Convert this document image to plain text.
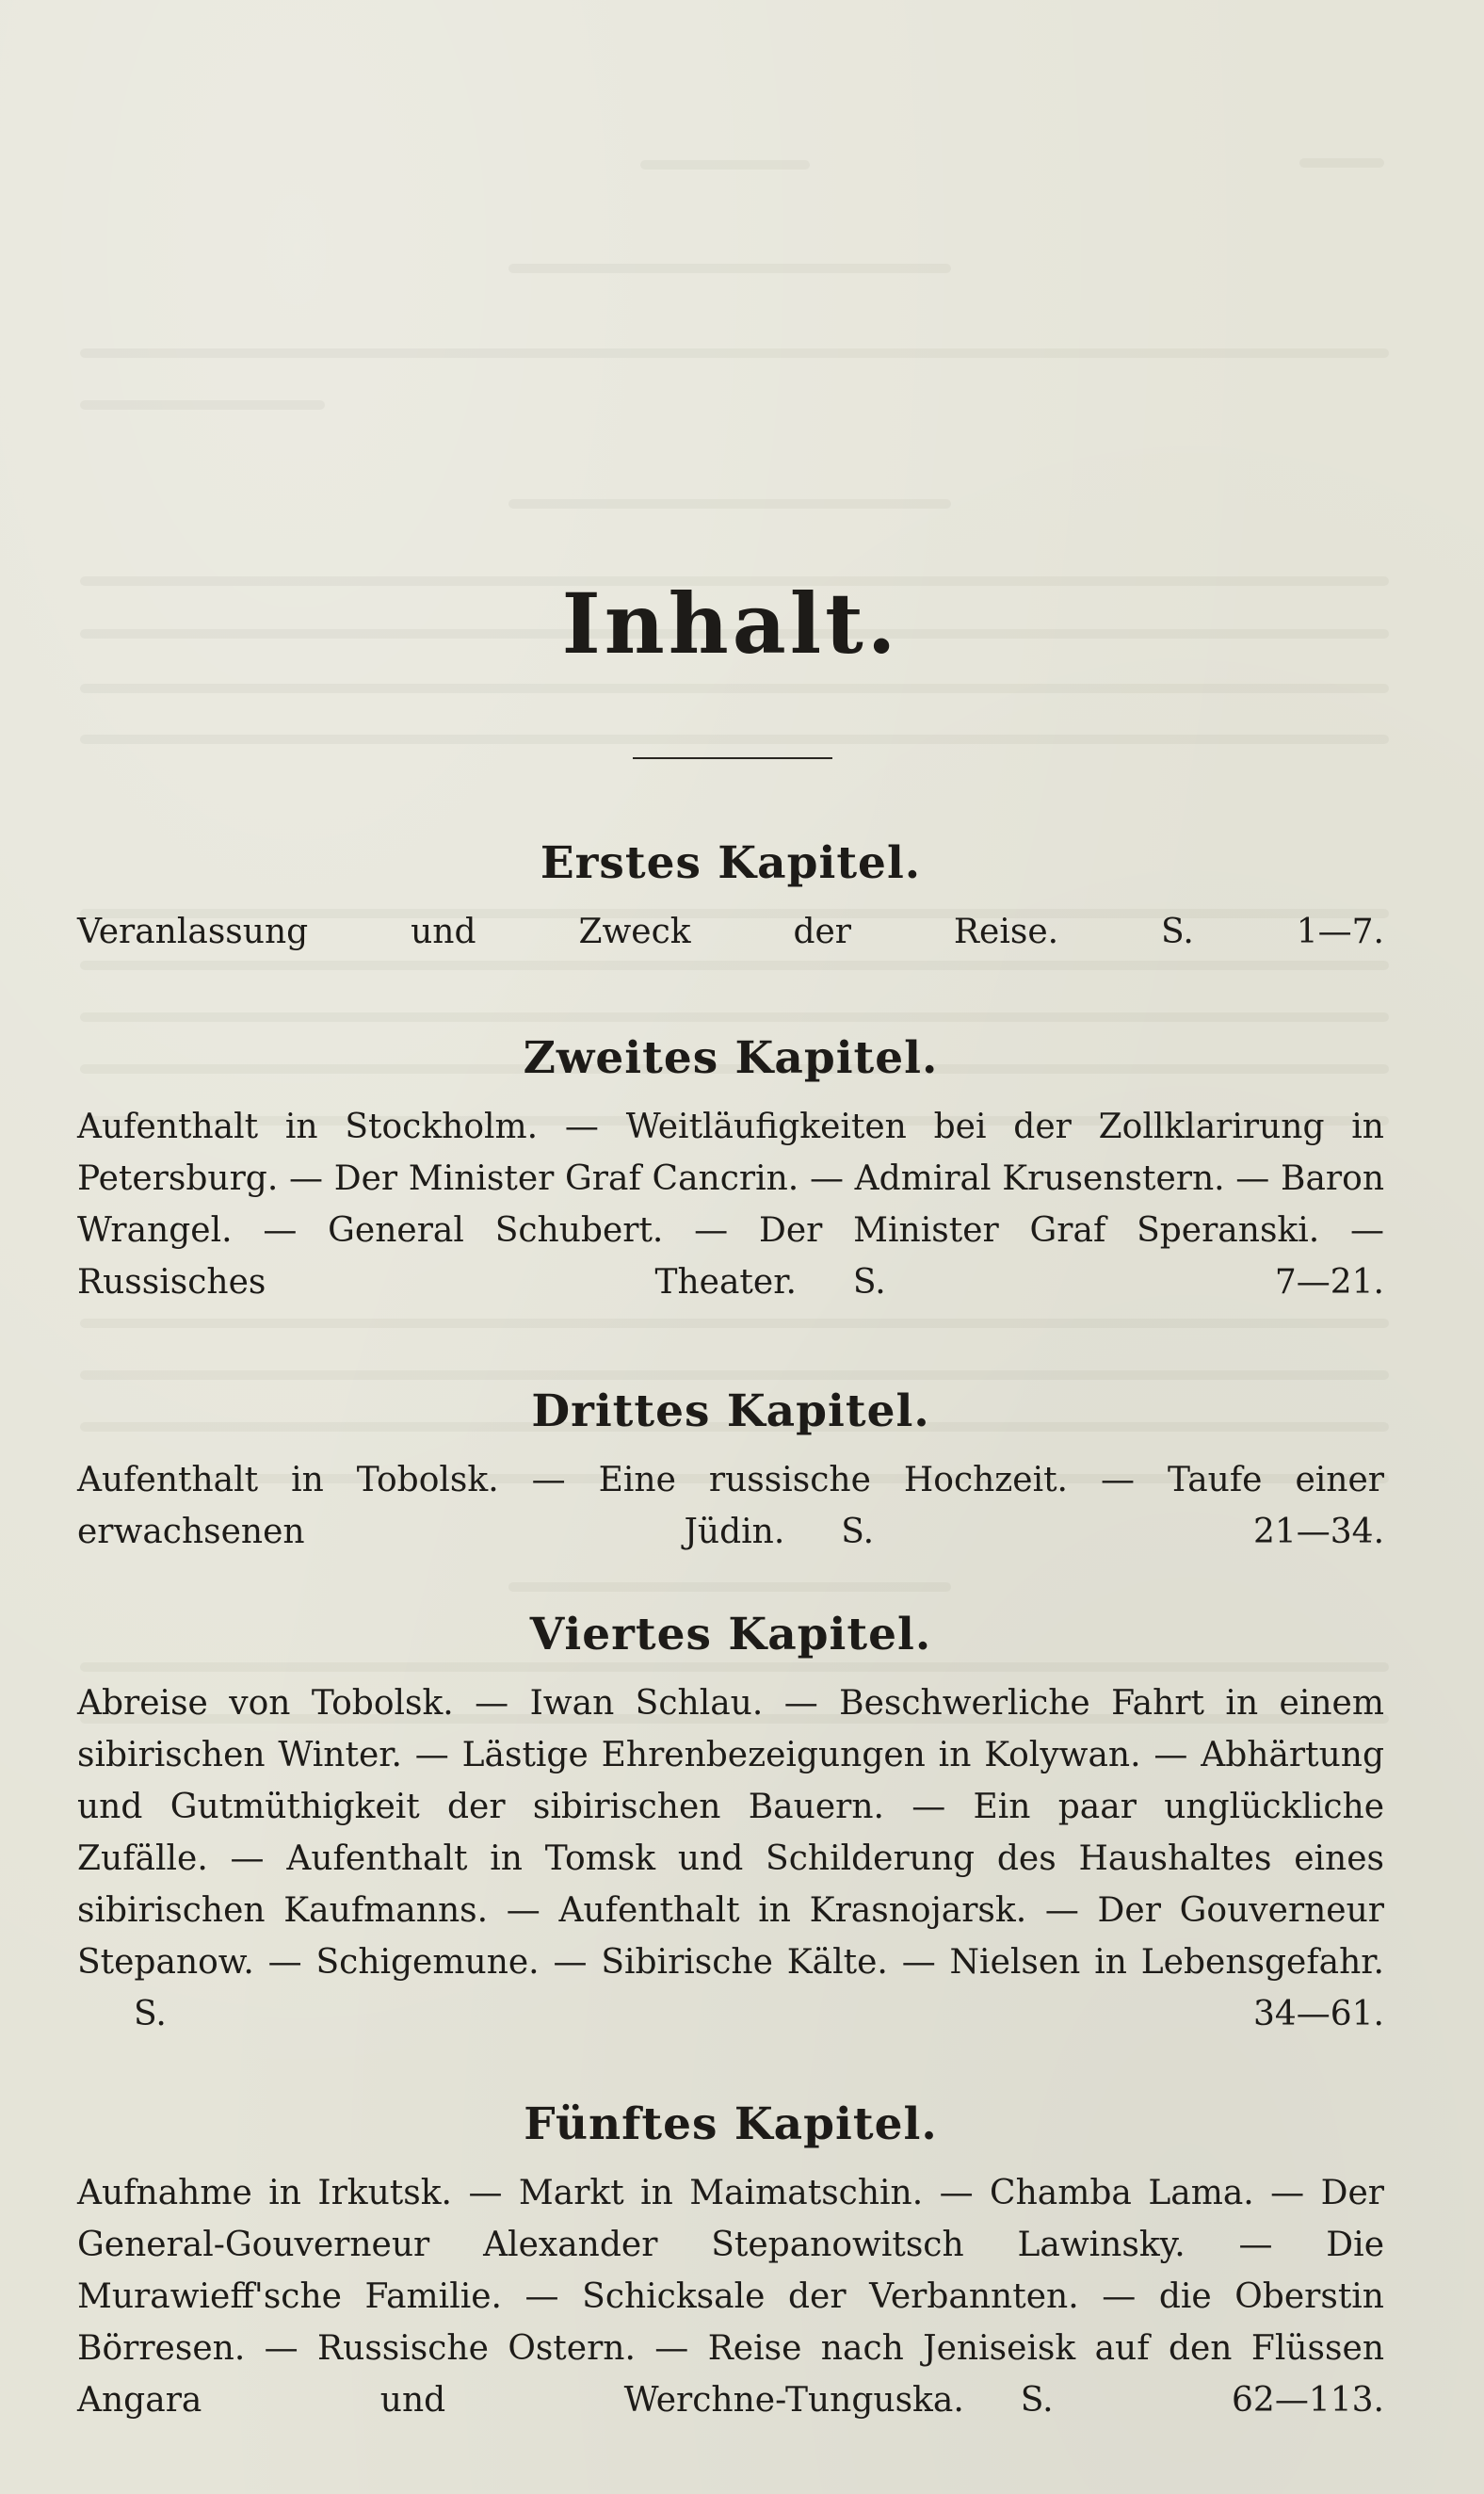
Inhalt.
Erstes Kapitel.

Veranlassung und Zweck der Reise.	S. 1—7.

Zweites Kapitel.

Aufenthalt in Stockholm. — Weitläufigkeiten bei der Zollklarirung in Petersburg. — Der Minister Graf Cancrin. — Admiral Krusenstern. — Baron Wrangel. — General Schubert. — Der Minister Graf Speranski. — Russisches Theater. S. 7—21.

Drittes Kapitel.

Aufenthalt in Tobolsk. — Eine russische Hochzeit. — Taufe einer erwachsenen Jüdin. S. 21—34.

Viertes Kapitel.

Abreise von Tobolsk. — Iwan Schlau. — Beschwerliche Fahrt in einem sibirischen Winter. — Lästige Ehrenbezeigungen in Kolywan. — Abhärtung und Gutmüthigkeit der sibirischen Bauern. — Ein paar unglückliche Zufälle. — Aufenthalt in Tomsk und Schilderung des Haushaltes eines sibirischen Kaufmanns. — Aufenthalt in Krasnojarsk. — Der Gouverneur Stepanow. — Schigemune. — Sibirische Kälte. — Nielsen in Lebensgefahr.S. 34—61.

Fünftes Kapitel.

Aufnahme in Irkutsk. — Markt in Maimatschin. — Chamba Lama. — Der General-Gouverneur Alexander Stepanowitsch Lawinsky. — Die Murawieff'sche Familie. — Schicksale der Verbannten. — die Oberstin Börresen. — Russische Ostern. — Reise nach Jeniseisk auf den Flüssen Angara und Werchne-Tunguska. S. 62—113.
